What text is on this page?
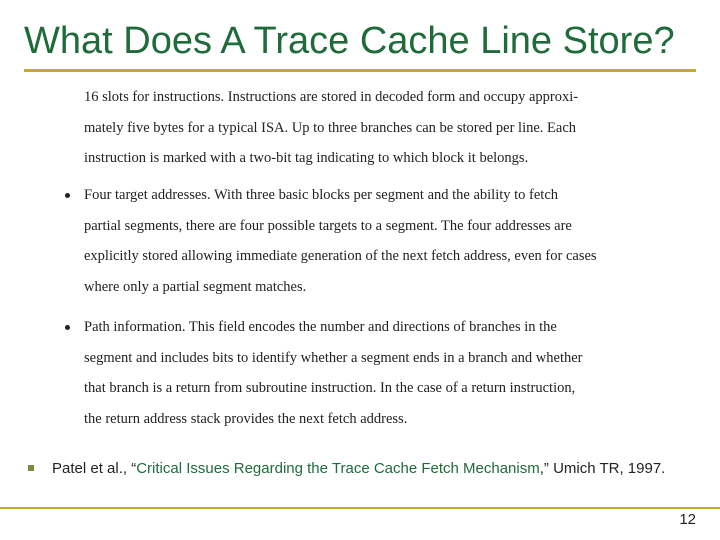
What Does A Trace Cache Line Store?
16 slots for instructions. Instructions are stored in decoded form and occupy approxi-
mately five bytes for a typical ISA. Up to three branches can be stored per line. Each
instruction is marked with a two-bit tag indicating to which block it belongs.
Four target addresses. With three basic blocks per segment and the ability to fetch
partial segments, there are four possible targets to a segment. The four addresses are
explicitly stored allowing immediate generation of the next fetch address, even for cases
where only a partial segment matches.
Path information. This field encodes the number and directions of branches in the
segment and includes bits to identify whether a segment ends in a branch and whether
that branch is a return from subroutine instruction. In the case of a return instruction,
the return address stack provides the next fetch address.
Patel et al., “Critical Issues Regarding the Trace Cache Fetch Mechanism,” Umich TR, 1997.
12
